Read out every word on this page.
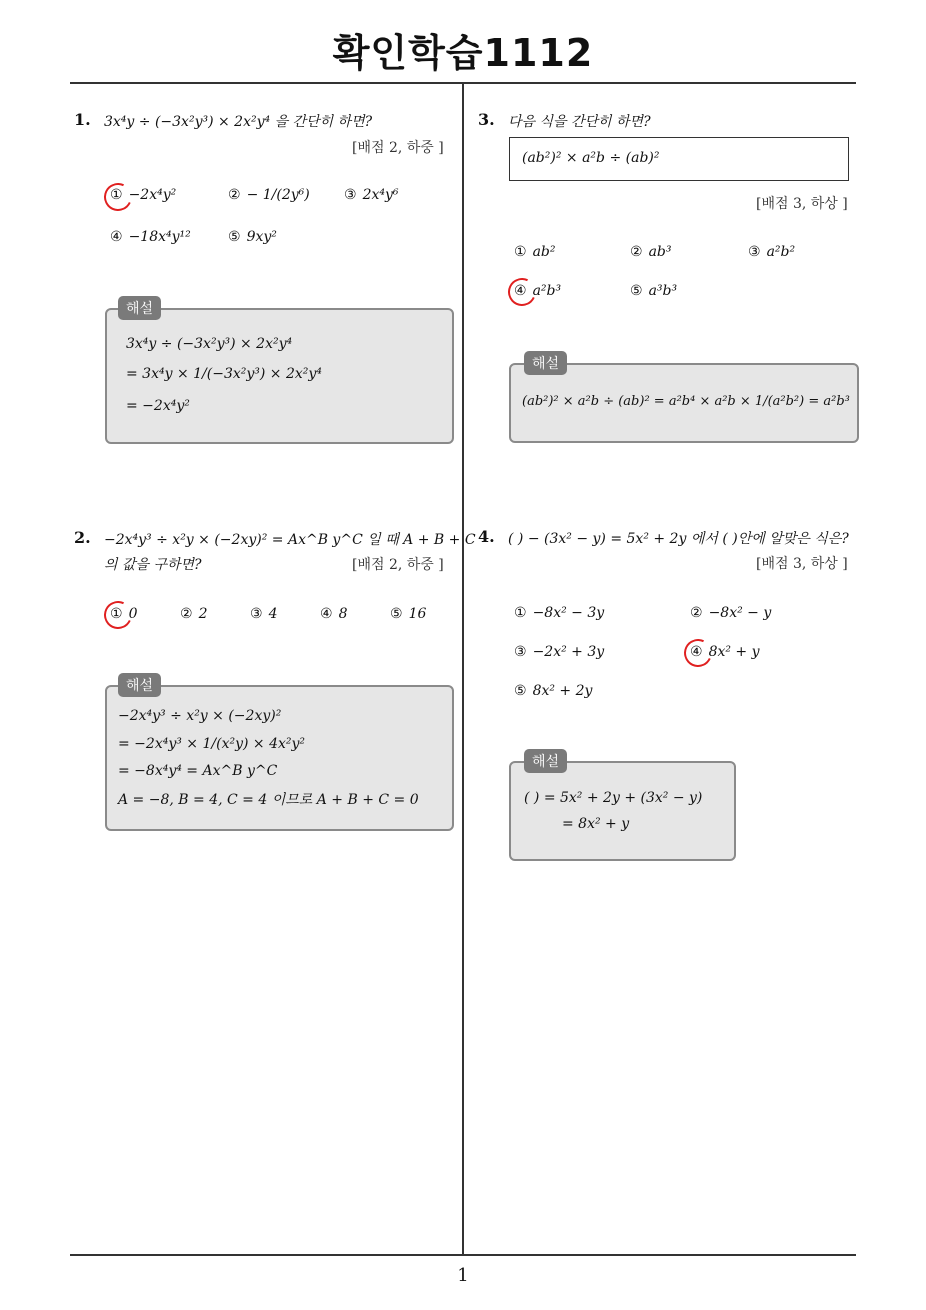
확인학습1112
1. 3x⁴y ÷ (−3x²y³) × 2x²y⁴ 을 간단히 하면?
[배점 2, 하중 ]
① −2x⁴y²	② − 1/(2y⁶) ③ 2x⁴y⁶
④ −18x⁴y¹²	⑤ 9xy²
해설
3x⁴y ÷ (−3x²y³) × 2x²y⁴
= 3x⁴y × 1/(−3x²y³) × 2x²y⁴
= −2x⁴y²
2. −2x⁴y³ ÷ x²y × (−2xy)² = Ax^B y^C 일 때 A + B + C
의 값을 구하면?	[배점 2, 하중 ]
① 0	② 2	③ 4	④ 8	⑤ 16
해설
−2x⁴y³ ÷ x²y × (−2xy)²
= −2x⁴y³ × 1/(x²y) × 4x²y²
= −8x⁴y⁴ = Ax^B y^C
A = −8, B = 4, C = 4 이므로 A + B + C = 0
3. 다음 식을 간단히 하면?
(ab²)² × a²b ÷ (ab)²
[배점 3, 하상 ]
① ab²	② ab³	③ a²b²
④ a²b³	⑤ a³b³
해설
(ab²)² × a²b ÷ (ab)² = a²b⁴ × a²b × 1/(a²b²) = a²b³
4. ( ) − (3x² − y) = 5x² + 2y 에서 ( )안에 알맞은 식은?
[배점 3, 하상 ]
① −8x² − 3y	② −8x² − y
③ −2x² + 3y	④ 8x² + y
⑤ 8x² + 2y
해설
( ) = 5x² + 2y + (3x² − y)
= 8x² + y
1
